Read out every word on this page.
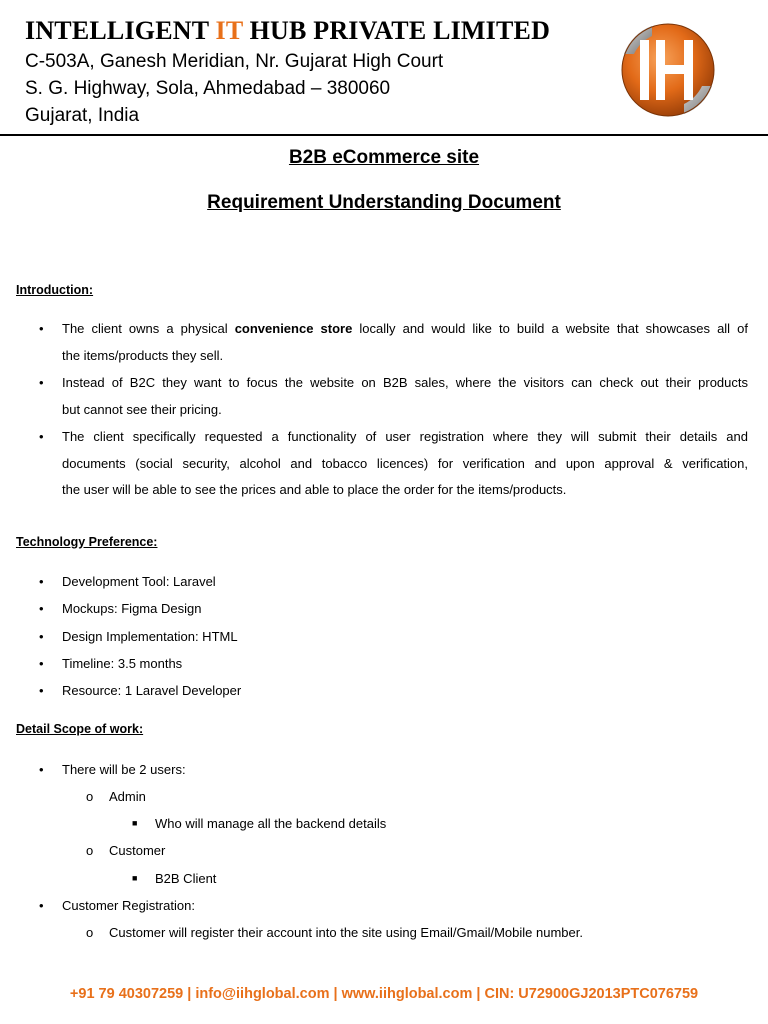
INTELLIGENT IT HUB PRIVATE LIMITED

C-503A, Ganesh Meridian, Nr. Gujarat High Court

S. G. Highway, Sola, Ahmedabad – 380060

Gujarat, India

B2B eCommerce site
Requirement Understanding Document

Introduction:

• The client owns a physical convenience store locally and would like to build a website that showcases all of
the items/products they sell.
• Instead of B2C they want to focus the website on B2B sales, where the visitors can check out their products
but cannot see their pricing.
• The client specifically requested a functionality of user registration where they will submit their details and
documents (social security, alcohol and tobacco licences) for verification and upon approval & verification,
the user will be able to see the prices and able to place the order for the items/products.

Technology Preference:

• Development Tool: Laravel
• Mockups: Figma Design
• Design Implementation: HTML
• Timeline: 3.5 months
• Resource: 1 Laravel Developer

Detail Scope of work:

• There will be 2 users:
o Admin
■ Who will manage all the backend details
o Customer
■ B2B Client
• Customer Registration:
o Customer will register their account into the site using Email/Gmail/Mobile number.

+91 79 40307259 | info@iihglobal.com | www.iihglobal.com | CIN: U72900GJ2013PTC076759
